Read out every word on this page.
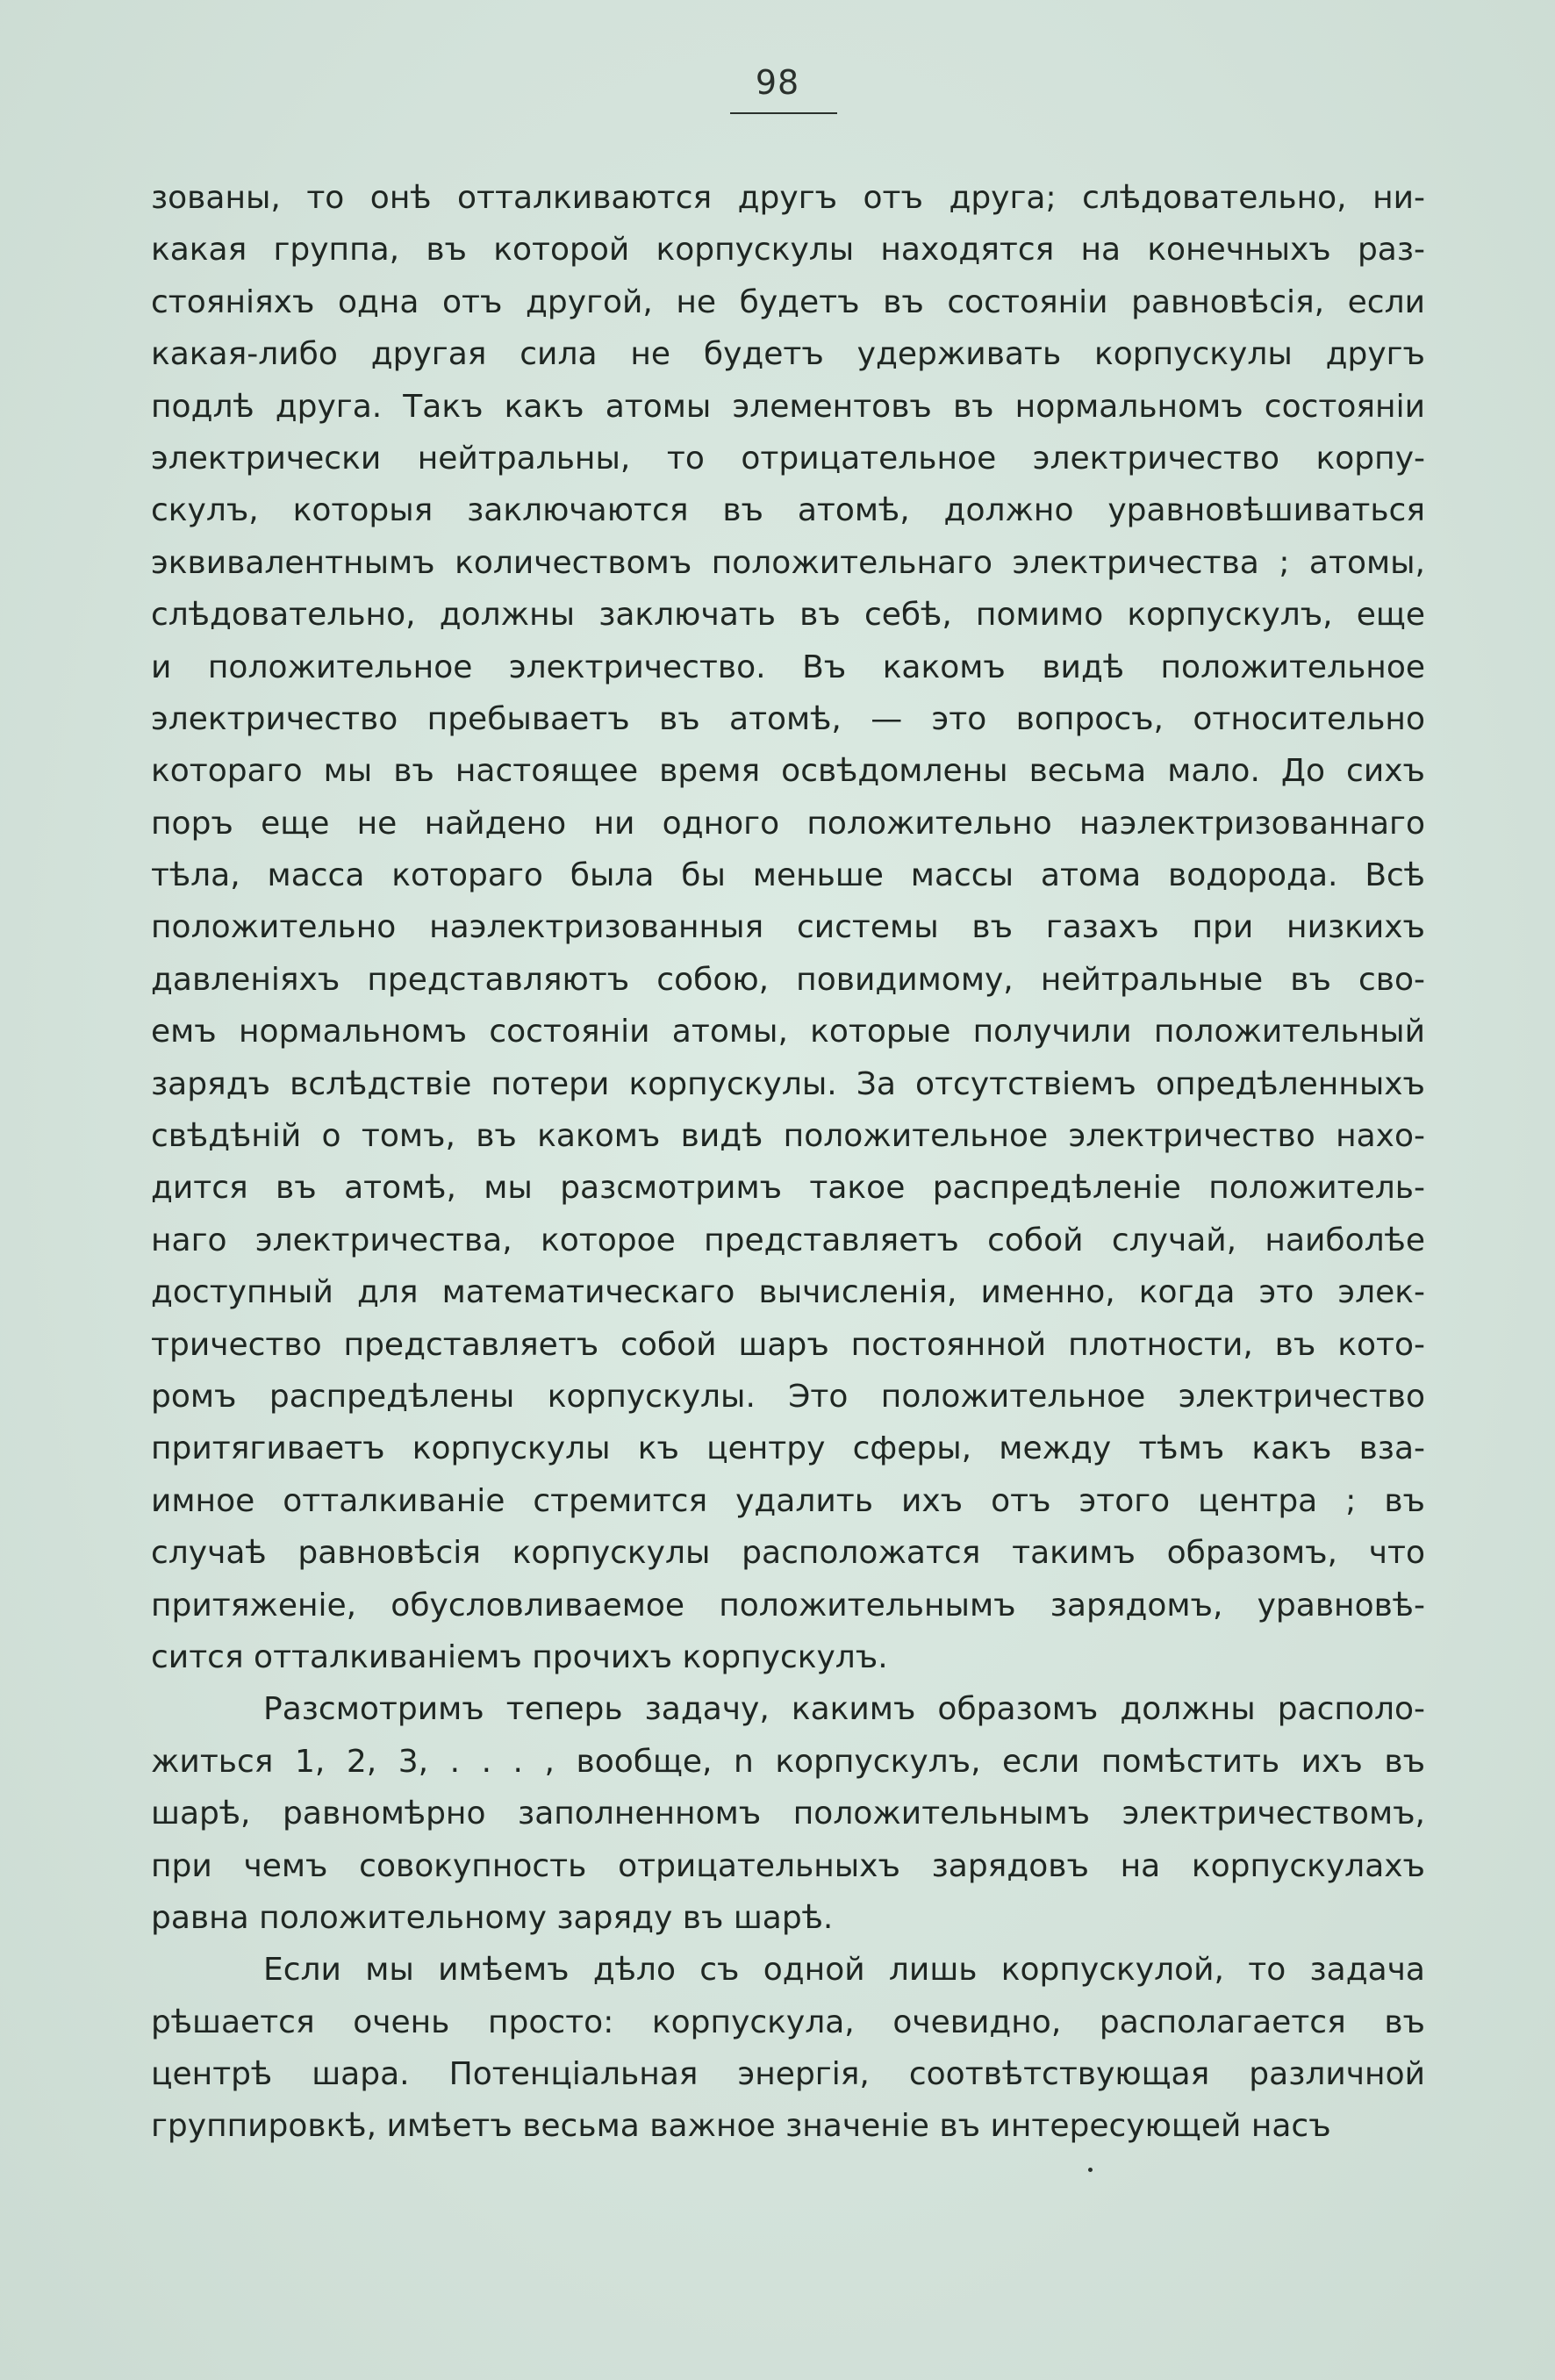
98
зованы, то онѣ отталкиваются другъ отъ друга; слѣдовательно, ни-
какая группа, въ которой корпускулы находятся на конечныхъ раз-
стоянiяхъ одна отъ другой, не будетъ въ состоянiи равновѣсiя, если
какая-либо другая сила не будетъ удерживать корпускулы другъ
подлѣ друга. Такъ какъ атомы элементовъ въ нормальномъ состоянiи
электрически нейтральны, то отрицательное электричество корпу-
скулъ, которыя заключаются въ атомѣ, должно уравновѣшиваться
эквивалентнымъ количествомъ положительнаго электричества ; атомы,
слѣдовательно, должны заключать въ себѣ, помимо корпускулъ, еще
и положительное электричество. Въ какомъ видѣ положительное
электричество пребываетъ въ атомѣ, — это вопросъ, относительно
котораго мы въ настоящее время освѣдомлены весьма мало. До сихъ
поръ еще не найдено ни одного положительно наэлектризованнаго
тѣла, масса котораго была бы меньше массы атома водорода. Всѣ
положительно наэлектризованныя системы въ газахъ при низкихъ
давленiяхъ представляютъ собою, повидимому, нейтральные въ сво-
емъ нормальномъ состоянiи атомы, которые получили положительный
зарядъ вслѣдствiе потери корпускулы. За отсутствiемъ опредѣленныхъ
свѣдѣнiй о томъ, въ какомъ видѣ положительное электричество нахо-
дится въ атомѣ, мы разсмотримъ такое распредѣленiе положитель-
наго электричества, которое представляетъ собой случай, наиболѣе
доступный для математическаго вычисленiя, именно, когда это элек-
тричество представляетъ собой шаръ постоянной плотности, въ кото-
ромъ распредѣлены корпускулы. Это положительное электричество
притягиваетъ корпускулы къ центру сферы, между тѣмъ какъ вза-
имное отталкиванiе стремится удалить ихъ отъ этого центра ; въ
случаѣ равновѣсiя корпускулы расположатся такимъ образомъ, что
притяженiе, обусловливаемое положительнымъ зарядомъ, уравновѣ-
сится отталкиванiемъ прочихъ корпускулъ.
Разсмотримъ теперь задачу, какимъ образомъ должны располо-
житься 1, 2, 3, . . . , вообще, n корпускулъ, если помѣстить ихъ въ
шарѣ, равномѣрно заполненномъ положительнымъ электричествомъ,
при чемъ совокупность отрицательныхъ зарядовъ на корпускулахъ
равна положительному заряду въ шарѣ.
Если мы имѣемъ дѣло съ одной лишь корпускулой, то задача
рѣшается очень просто: корпускула, очевидно, располагается въ
центрѣ шара. Потенцiальная энергiя, соотвѣтствующая различной
группировкѣ, имѣетъ весьма важное значенiе въ интересующей насъ
